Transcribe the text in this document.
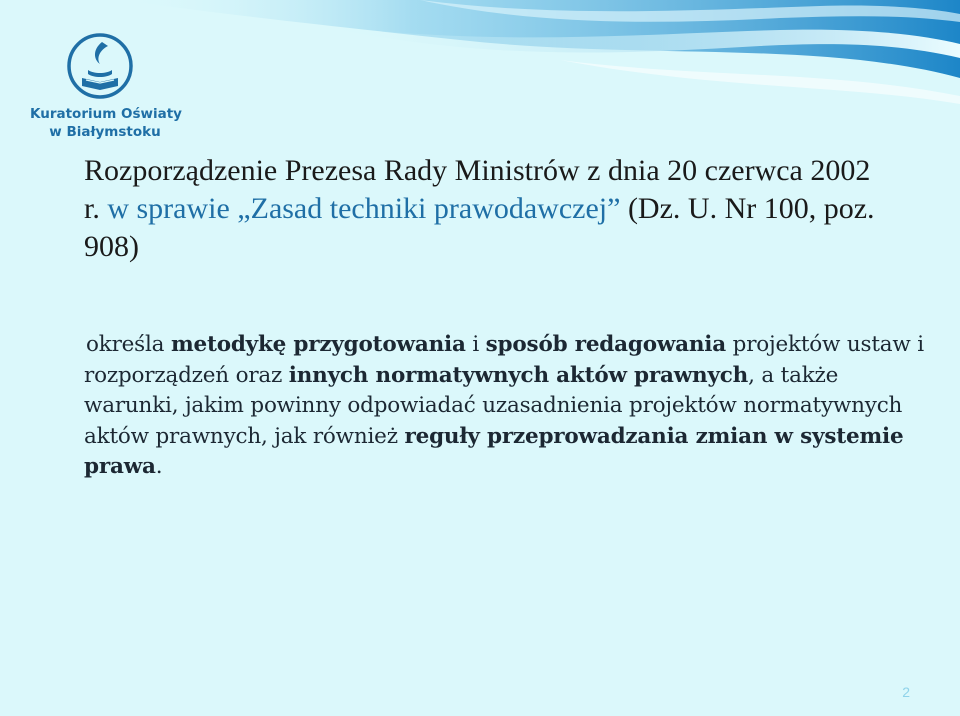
Kuratorium Oświaty
w Białymstoku
Rozporządzenie Prezesa Rady Ministrów z dnia 20 czerwca 2002 r. w sprawie „Zasad techniki prawodawczej” (Dz. U. Nr 100, poz. 908)
określa metodykę przygotowania i sposób redagowania projektów ustaw i rozporządzeń oraz innych normatywnych aktów prawnych, a także warunki, jakim powinny odpowiadać uzasadnienia projektów normatywnych aktów prawnych, jak również reguły przeprowadzania zmian w systemie prawa.
2
